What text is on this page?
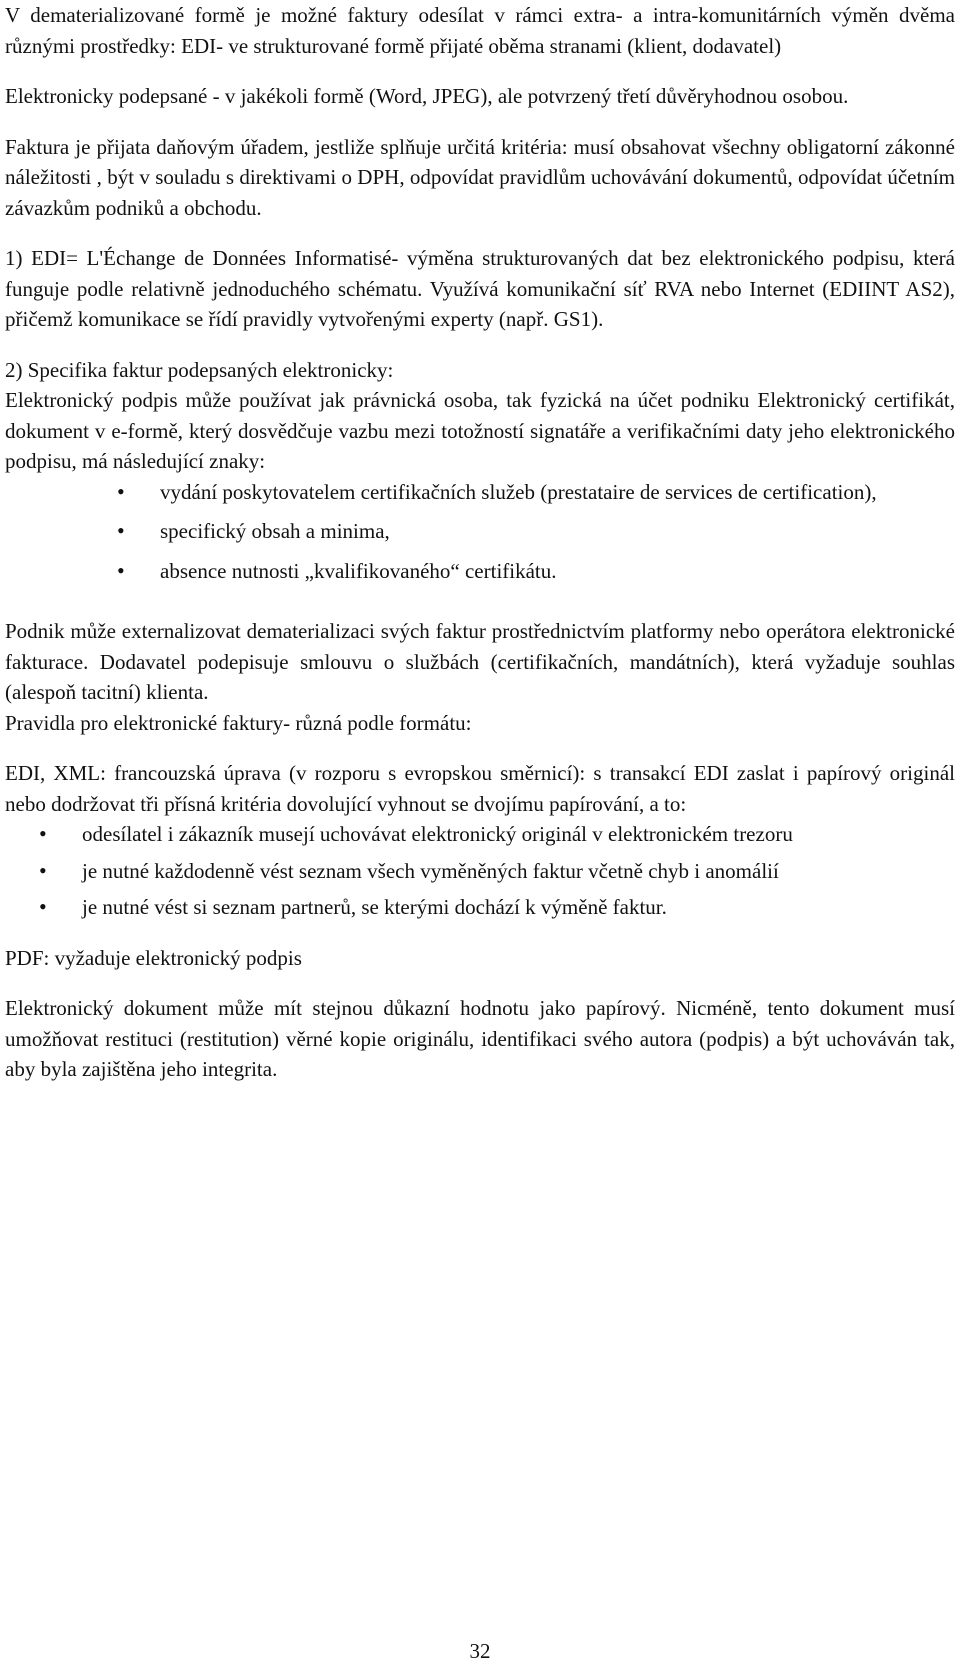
V dematerializované formě je možné faktury odesílat v rámci extra- a intra-komunitárních výměn dvěma různými prostředky: EDI- ve strukturované formě přijaté oběma stranami (klient, dodavatel)

Elektronicky podepsané - v jakékoli formě (Word, JPEG), ale potvrzený třetí důvěryhodnou osobou.

Faktura je přijata daňovým úřadem, jestliže splňuje určitá kritéria: musí obsahovat všechny obligatorní zákonné náležitosti , být v souladu s direktivami o DPH, odpovídat pravidlům uchovávání dokumentů, odpovídat účetním závazkům podniků a obchodu.

1) EDI= L'Échange de Données Informatisé- výměna strukturovaných dat bez elektronického podpisu, která funguje podle relativně jednoduchého schématu. Využívá komunikační síť RVA nebo Internet (EDIINT AS2), přičemž komunikace se řídí pravidly vytvořenými experty (např. GS1).

2) Specifika faktur podepsaných elektronicky:

Elektronický podpis může používat jak právnická osoba, tak fyzická na účet podniku Elektronický certifikát, dokument v e-formě, který dosvědčuje vazbu mezi totožností signatáře a verifikačními daty jeho elektronického podpisu, má následující znaky:

• vydání poskytovatelem certifikačních služeb (prestataire de services de certification),
• specifický obsah a minima,
• absence nutnosti „kvalifikovaného“ certifikátu.

Podnik může externalizovat dematerializaci svých faktur prostřednictvím platformy nebo operátora elektronické fakturace. Dodavatel podepisuje smlouvu o službách (certifikačních, mandátních), která vyžaduje souhlas (alespoň tacitní) klienta.

Pravidla pro elektronické faktury- různá podle formátu:

EDI, XML: francouzská úprava (v rozporu s evropskou směrnicí): s transakcí EDI zaslat i papírový originál nebo dodržovat tři přísná kritéria dovolující vyhnout se dvojímu papírování, a to:

• odesílatel i zákazník musejí uchovávat elektronický originál v elektronickém trezoru
• je nutné každodenně vést seznam všech vyměněných faktur včetně chyb i anomálií
• je nutné vést si seznam partnerů, se kterými dochází k výměně faktur.

PDF: vyžaduje elektronický podpis

Elektronický dokument může mít stejnou důkazní hodnotu jako papírový. Nicméně, tento dokument musí umožňovat restituci (restitution) věrné kopie originálu, identifikaci svého autora (podpis) a být uchováván tak, aby byla zajištěna jeho integrita.

32
